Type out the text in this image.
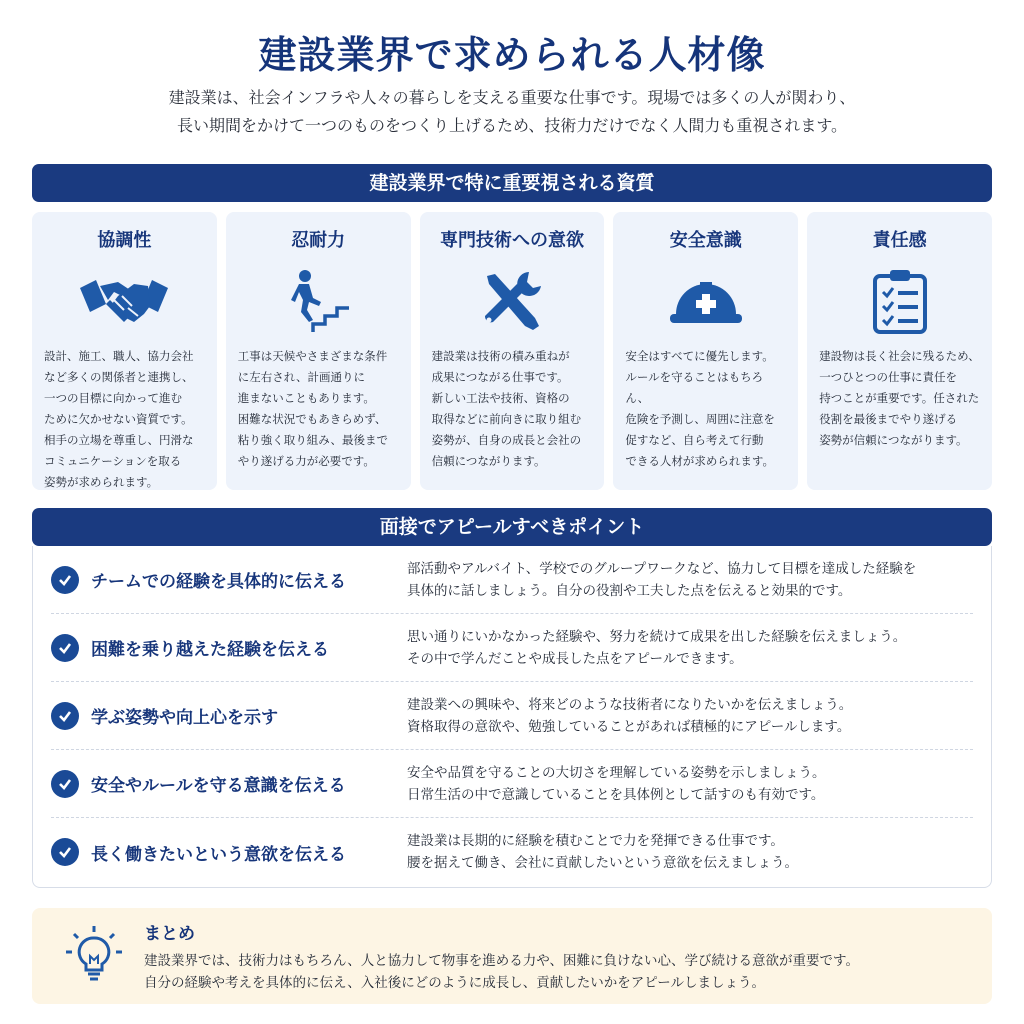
建設業界で求められる人材像
建設業は、社会インフラや人々の暮らしを支える重要な仕事です。現場では多くの人が関わり、
長い期間をかけて一つのものをつくり上げるため、技術力だけでなく人間力も重視されます。
建設業界で特に重要視される資質
協調性

設計、施工、職人、協力会社
など多くの関係者と連携し、
一つの目標に向かって進む
ために欠かせない資質です。
相手の立場を尊重し、円滑な
コミュニケーションを取る
姿勢が求められます。

忍耐力

工事は天候やさまざまな条件
に左右され、計画通りに
進まないこともあります。
困難な状況でもあきらめず、
粘り強く取り組み、最後まで
やり遂げる力が必要です。

専門技術への意欲

建設業は技術の積み重ねが
成果につながる仕事です。
新しい工法や技術、資格の
取得などに前向きに取り組む
姿勢が、自身の成長と会社の
信頼につながります。

安全意識

安全はすべてに優先します。
ルールを守ることはもちろん、
危険を予測し、周囲に注意を
促すなど、自ら考えて行動
できる人材が求められます。

責任感

建設物は長く社会に残るため、
一つひとつの仕事に責任を
持つことが重要です。任された
役割を最後までやり遂げる
姿勢が信頼につながります。

面接でアピールすべきポイント
チームでの経験を具体的に伝える
部活動やアルバイト、学校でのグループワークなど、協力して目標を達成した経験を
具体的に話しましょう。自分の役割や工夫した点を伝えると効果的です。
困難を乗り越えた経験を伝える
思い通りにいかなかった経験や、努力を続けて成果を出した経験を伝えましょう。
その中で学んだことや成長した点をアピールできます。
学ぶ姿勢や向上心を示す
建設業への興味や、将来どのような技術者になりたいかを伝えましょう。
資格取得の意欲や、勉強していることがあれば積極的にアピールします。
安全やルールを守る意識を伝える
安全や品質を守ることの大切さを理解している姿勢を示しましょう。
日常生活の中で意識していることを具体例として話すのも有効です。
長く働きたいという意欲を伝える
建設業は長期的に経験を積むことで力を発揮できる仕事です。
腰を据えて働き、会社に貢献したいという意欲を伝えましょう。
まとめ

建設業界では、技術力はもちろん、人と協力して物事を進める力や、困難に負けない心、学び続ける意欲が重要です。
自分の経験や考えを具体的に伝え、入社後にどのように成長し、貢献したいかをアピールしましょう。
